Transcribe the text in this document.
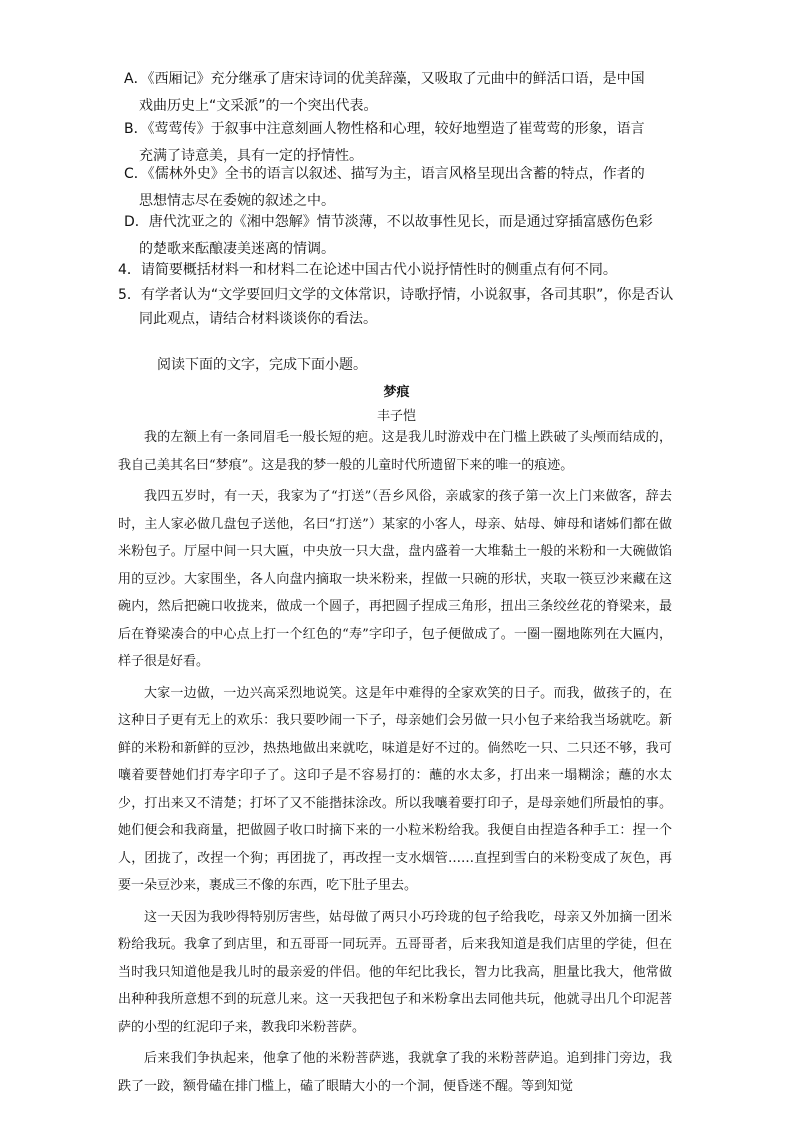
A．《西厢记》充分继承了唐宋诗词的优美辞藻，又吸取了元曲中的鲜活口语，是中国
戏曲历史上“文采派”的一个突出代表。
B．《莺莺传》于叙事中注意刻画人物性格和心理，较好地塑造了崔莺莺的形象，语言
充满了诗意美，具有一定的抒情性。
C．《儒林外史》全书的语言以叙述、描写为主，语言风格呈现出含蓄的特点，作者的
思想情志尽在委婉的叙述之中。
D．唐代沈亚之的《湘中怨解》情节淡薄，不以故事性见长，而是通过穿插富感伤色彩
的楚歌来酝酿凄美迷离的情调。
4．请简要概括材料一和材料二在论述中国古代小说抒情性时的侧重点有何不同。
5．有学者认为“文学要回归文学的文体常识，诗歌抒情，小说叙事，各司其职”，你是否认
同此观点，请结合材料谈谈你的看法。
阅读下面的文字，完成下面小题。
梦痕
丰子恺

我的左额上有一条同眉毛一般长短的疤。这是我儿时游戏中在门槛上跌破了头颅而结成的，我自己美其名曰“梦痕”。这是我的梦一般的儿童时代所遗留下来的唯一的痕迹。

我四五岁时，有一天，我家为了“打送”（吾乡风俗，亲戚家的孩子第一次上门来做客，辞去时，主人家必做几盘包子送他，名曰“打送”）某家的小客人，母亲、姑母、婶母和诸姊们都在做米粉包子。厅屋中间一只大匾，中央放一只大盘，盘内盛着一大堆黏土一般的米粉和一大碗做馅用的豆沙。大家围坐，各人向盘内摘取一块米粉来，捏做一只碗的形状，夹取一筷豆沙来藏在这碗内，然后把碗口收拢来，做成一个圆子，再把圆子捏成三角形，扭出三条绞丝花的脊梁来，最后在脊梁凑合的中心点上打一个红色的“寿”字印子，包子便做成了。一圈一圈地陈列在大匾内，样子很是好看。

大家一边做，一边兴高采烈地说笑。这是年中难得的全家欢笑的日子。而我，做孩子的，在这种日子更有无上的欢乐：我只要吵闹一下子，母亲她们会另做一只小包子来给我当场就吃。新鲜的米粉和新鲜的豆沙，热热地做出来就吃，味道是好不过的。倘然吃一只、二只还不够，我可嚷着要替她们打寿字印子了。这印子是不容易打的：蘸的水太多，打出来一塌糊涂；蘸的水太少，打出来又不清楚；打坏了又不能揩抹涂改。所以我嚷着要打印子，是母亲她们所最怕的事。她们便会和我商量，把做圆子收口时摘下来的一小粒米粉给我。我便自由捏造各种手工：捏一个人，团拢了，改捏一个狗；再团拢了，再改捏一支水烟管……直捏到雪白的米粉变成了灰色，再要一朵豆沙来，裹成三不像的东西，吃下肚子里去。

这一天因为我吵得特别厉害些，姑母做了两只小巧玲珑的包子给我吃，母亲又外加摘一团米粉给我玩。我拿了到店里，和五哥哥一同玩弄。五哥哥者，后来我知道是我们店里的学徒，但在当时我只知道他是我儿时的最亲爱的伴侣。他的年纪比我长，智力比我高，胆量比我大，他常做出种种我所意想不到的玩意儿来。这一天我把包子和米粉拿出去同他共玩，他就寻出几个印泥菩萨的小型的红泥印子来，教我印米粉菩萨。

后来我们争执起来，他拿了他的米粉菩萨逃，我就拿了我的米粉菩萨追。追到排门旁边，我跌了一跤，额骨磕在排门槛上，磕了眼睛大小的一个洞，便昏迷不醒。等到知觉
